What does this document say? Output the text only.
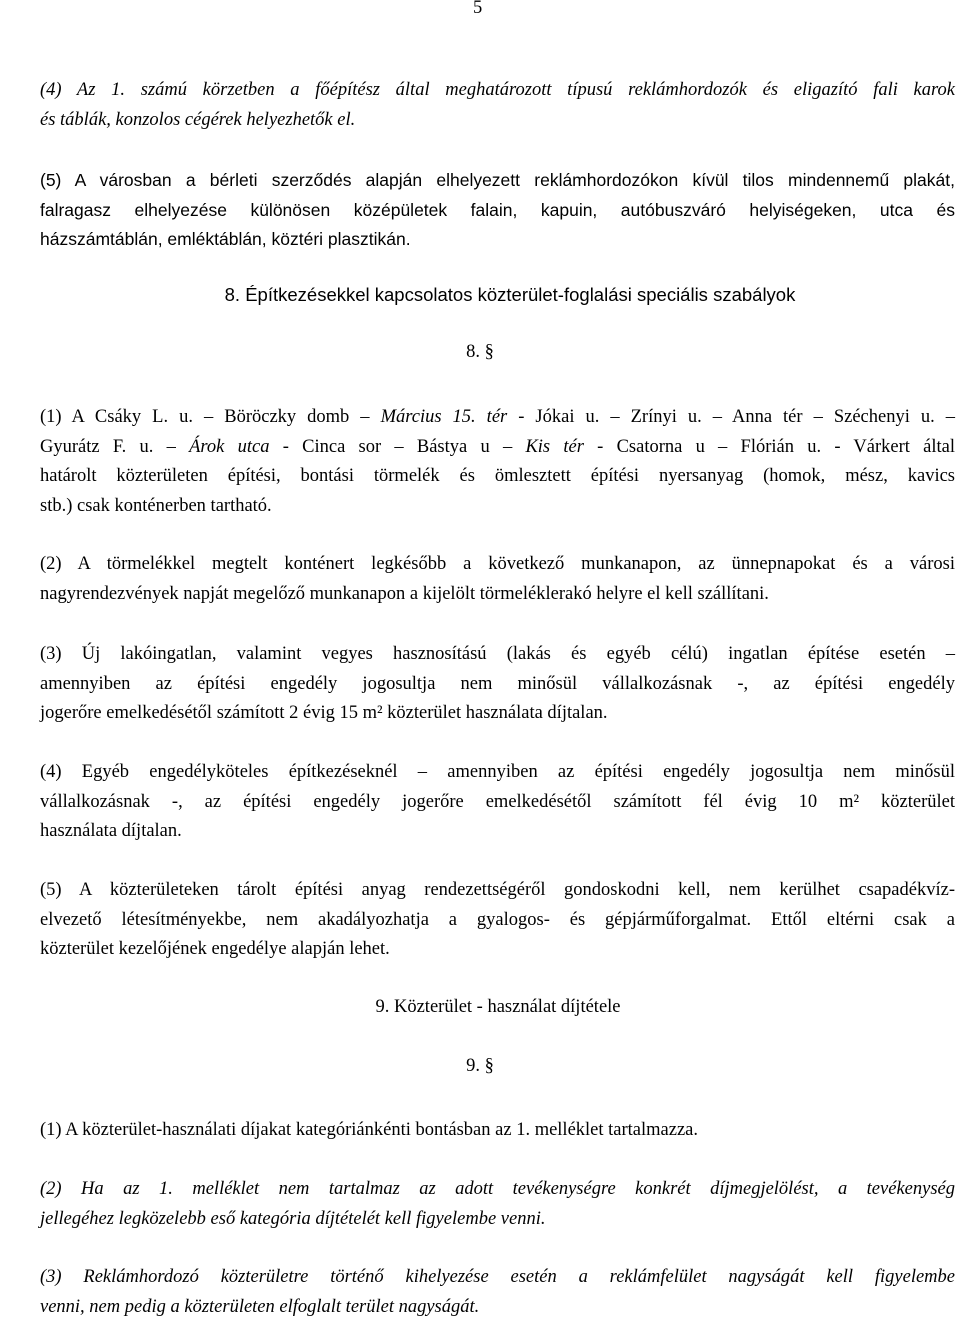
5
(4) Az 1. számú körzetben a főépítész által meghatározott típusú reklámhordozók és eligazító fali karok
és táblák, konzolos cégérek helyezhetők el.
(5) A városban a bérleti szerződés alapján elhelyezett reklámhordozókon kívül tilos mindennemű plakát,
falragasz elhelyezése különösen középületek falain, kapuin, autóbuszváró helyiségeken, utca és
házszámtáblán, emléktáblán, köztéri plasztikán.
8. Építkezésekkel kapcsolatos közterület-foglalási speciális szabályok
8. §
(1) A Csáky L. u. – Böröczky domb – Március 15. tér - Jókai u. – Zrínyi u. – Anna tér – Széchenyi u. –
Gyurátz F. u. – Árok utca - Cinca sor – Bástya u – Kis tér - Csatorna u – Flórián u. - Várkert által
határolt közterületen építési, bontási törmelék és ömlesztett építési nyersanyag (homok, mész, kavics
stb.) csak konténerben tartható.
(2) A törmelékkel megtelt konténert legkésőbb a következő munkanapon, az ünnepnapokat és a városi
nagyrendezvények napját megelőző munkanapon a kijelölt törmeléklerakó helyre el kell szállítani.
(3) Új lakóingatlan, valamint vegyes hasznosítású (lakás és egyéb célú) ingatlan építése esetén –
amennyiben az építési engedély jogosultja nem minősül vállalkozásnak -, az építési engedély
jogerőre emelkedésétől számított 2 évig 15 m² közterület használata díjtalan.
(4) Egyéb engedélyköteles építkezéseknél – amennyiben az építési engedély jogosultja nem minősül
vállalkozásnak -, az építési engedély jogerőre emelkedésétől számított fél évig 10 m² közterület
használata díjtalan.
(5) A közterületeken tárolt építési anyag rendezettségéről gondoskodni kell, nem kerülhet csapadékvíz-
elvezető létesítményekbe, nem akadályozhatja a gyalogos- és gépjárműforgalmat. Ettől eltérni csak a
közterület kezelőjének engedélye alapján lehet.
9. Közterület - használat díjtétele
9. §
(1) A közterület-használati díjakat kategóriánkénti bontásban az 1. melléklet tartalmazza.
(2) Ha az 1. melléklet nem tartalmaz az adott tevékenységre konkrét díjmegjelölést, a tevékenység
jellegéhez legközelebb eső kategória díjtételét kell figyelembe venni.
(3) Reklámhordozó közterületre történő kihelyezése esetén a reklámfelület nagyságát kell figyelembe
venni, nem pedig a közterületen elfoglalt terület nagyságát.
